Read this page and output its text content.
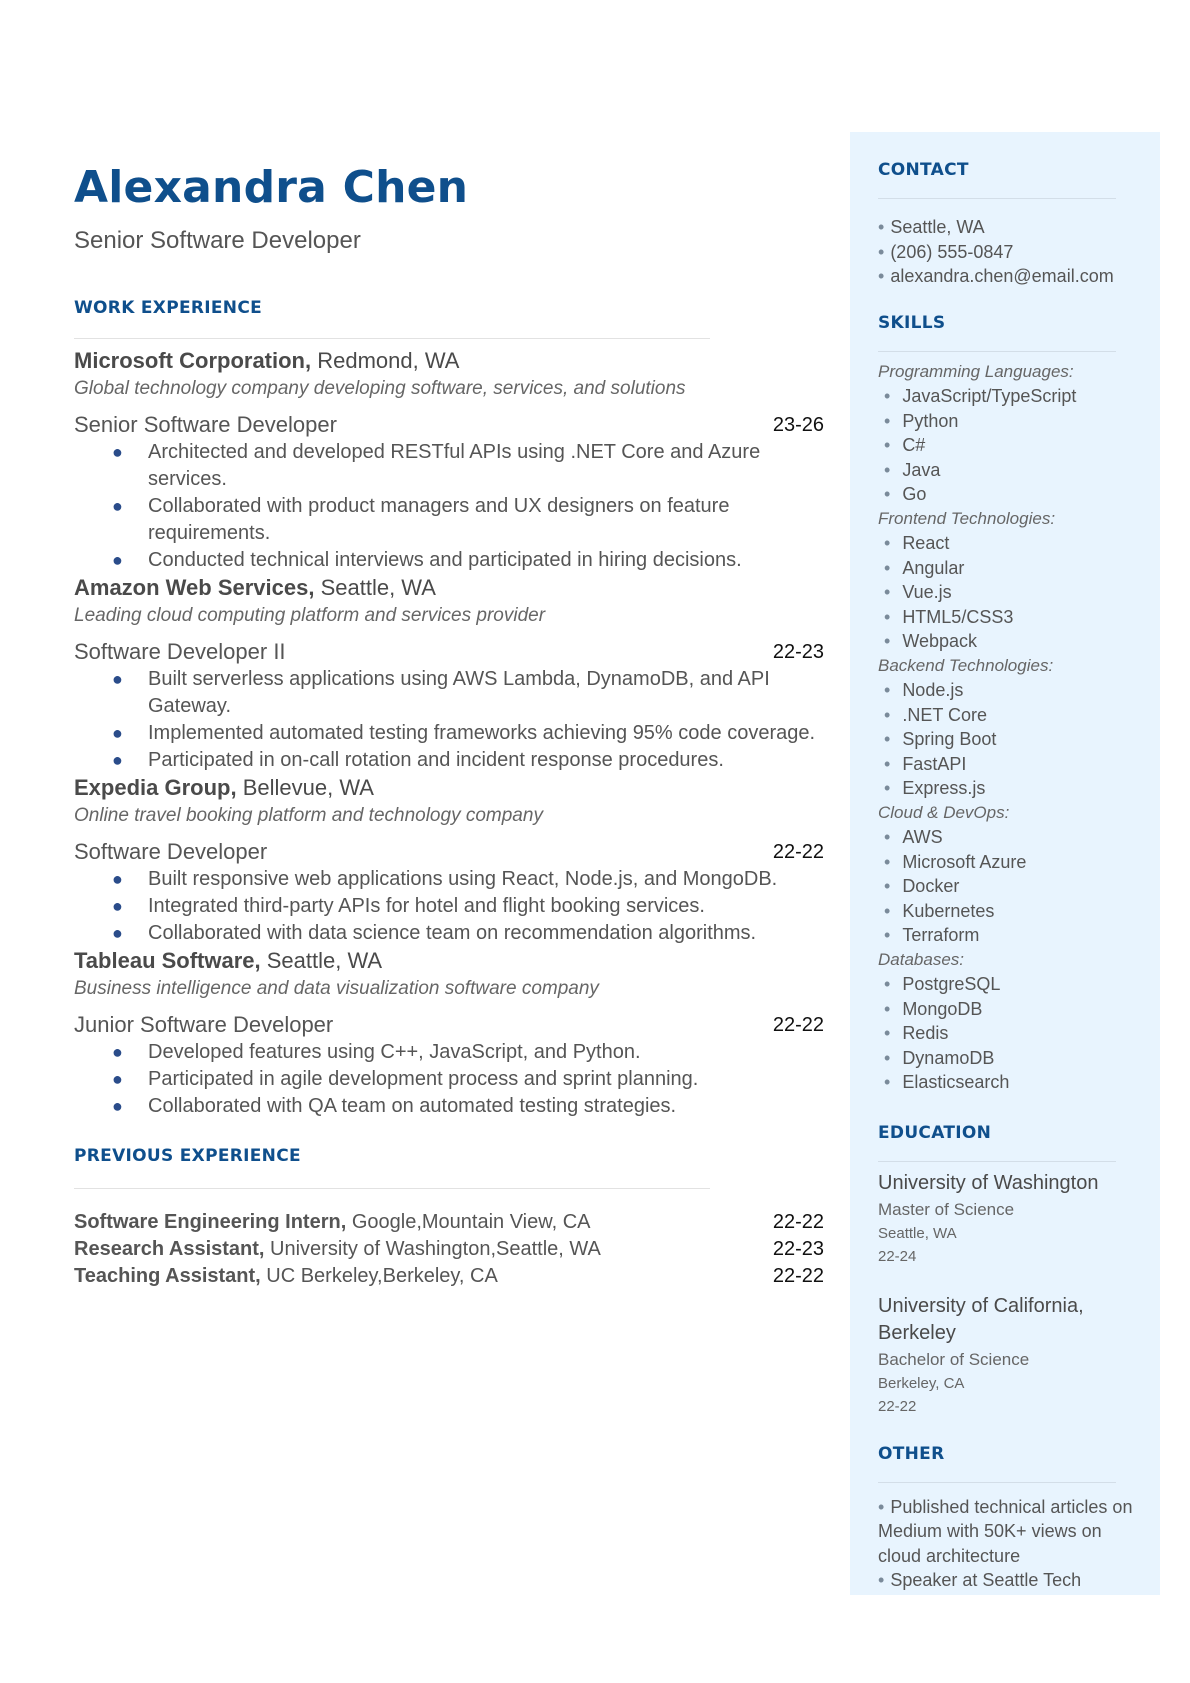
Alexandra Chen
Senior Software Developer
WORK EXPERIENCE
Microsoft Corporation, Redmond, WA
Global technology company developing software, services, and solutions
Senior Software Developer	23-26
● Architected and developed RESTful APIs using .NET Core and Azure services.
● Collaborated with product managers and UX designers on feature requirements.
● Conducted technical interviews and participated in hiring decisions.
Amazon Web Services, Seattle, WA
Leading cloud computing platform and services provider
Software Developer II	22-23
● Built serverless applications using AWS Lambda, DynamoDB, and API Gateway.
● Implemented automated testing frameworks achieving 95% code coverage.
● Participated in on-call rotation and incident response procedures.
Expedia Group, Bellevue, WA
Online travel booking platform and technology company
Software Developer	22-22
● Built responsive web applications using React, Node.js, and MongoDB.
● Integrated third-party APIs for hotel and flight booking services.
● Collaborated with data science team on recommendation algorithms.
Tableau Software, Seattle, WA
Business intelligence and data visualization software company
Junior Software Developer	22-22
● Developed features using C++, JavaScript, and Python.
● Participated in agile development process and sprint planning.
● Collaborated with QA team on automated testing strategies.
PREVIOUS EXPERIENCE
Software Engineering Intern, Google,Mountain View, CA	22-22
Research Assistant, University of Washington,Seattle, WA	22-23
Teaching Assistant, UC Berkeley,Berkeley, CA	22-22
CONTACT
• Seattle, WA
• (206) 555-0847
• alexandra.chen@email.com
SKILLS
Programming Languages:
• JavaScript/TypeScript
• Python
• C#
• Java
• Go
Frontend Technologies:
• React
• Angular
• Vue.js
• HTML5/CSS3
• Webpack
Backend Technologies:
• Node.js
• .NET Core
• Spring Boot
• FastAPI
• Express.js
Cloud & DevOps:
• AWS
• Microsoft Azure
• Docker
• Kubernetes
• Terraform
Databases:
• PostgreSQL
• MongoDB
• Redis
• DynamoDB
• Elasticsearch
EDUCATION
University of Washington
Master of Science
Seattle, WA
22-24
University of California, Berkeley
Bachelor of Science
Berkeley, CA
22-22
OTHER
• Published technical articles on Medium with 50K+ views on cloud architecture
• Speaker at Seattle Tech
